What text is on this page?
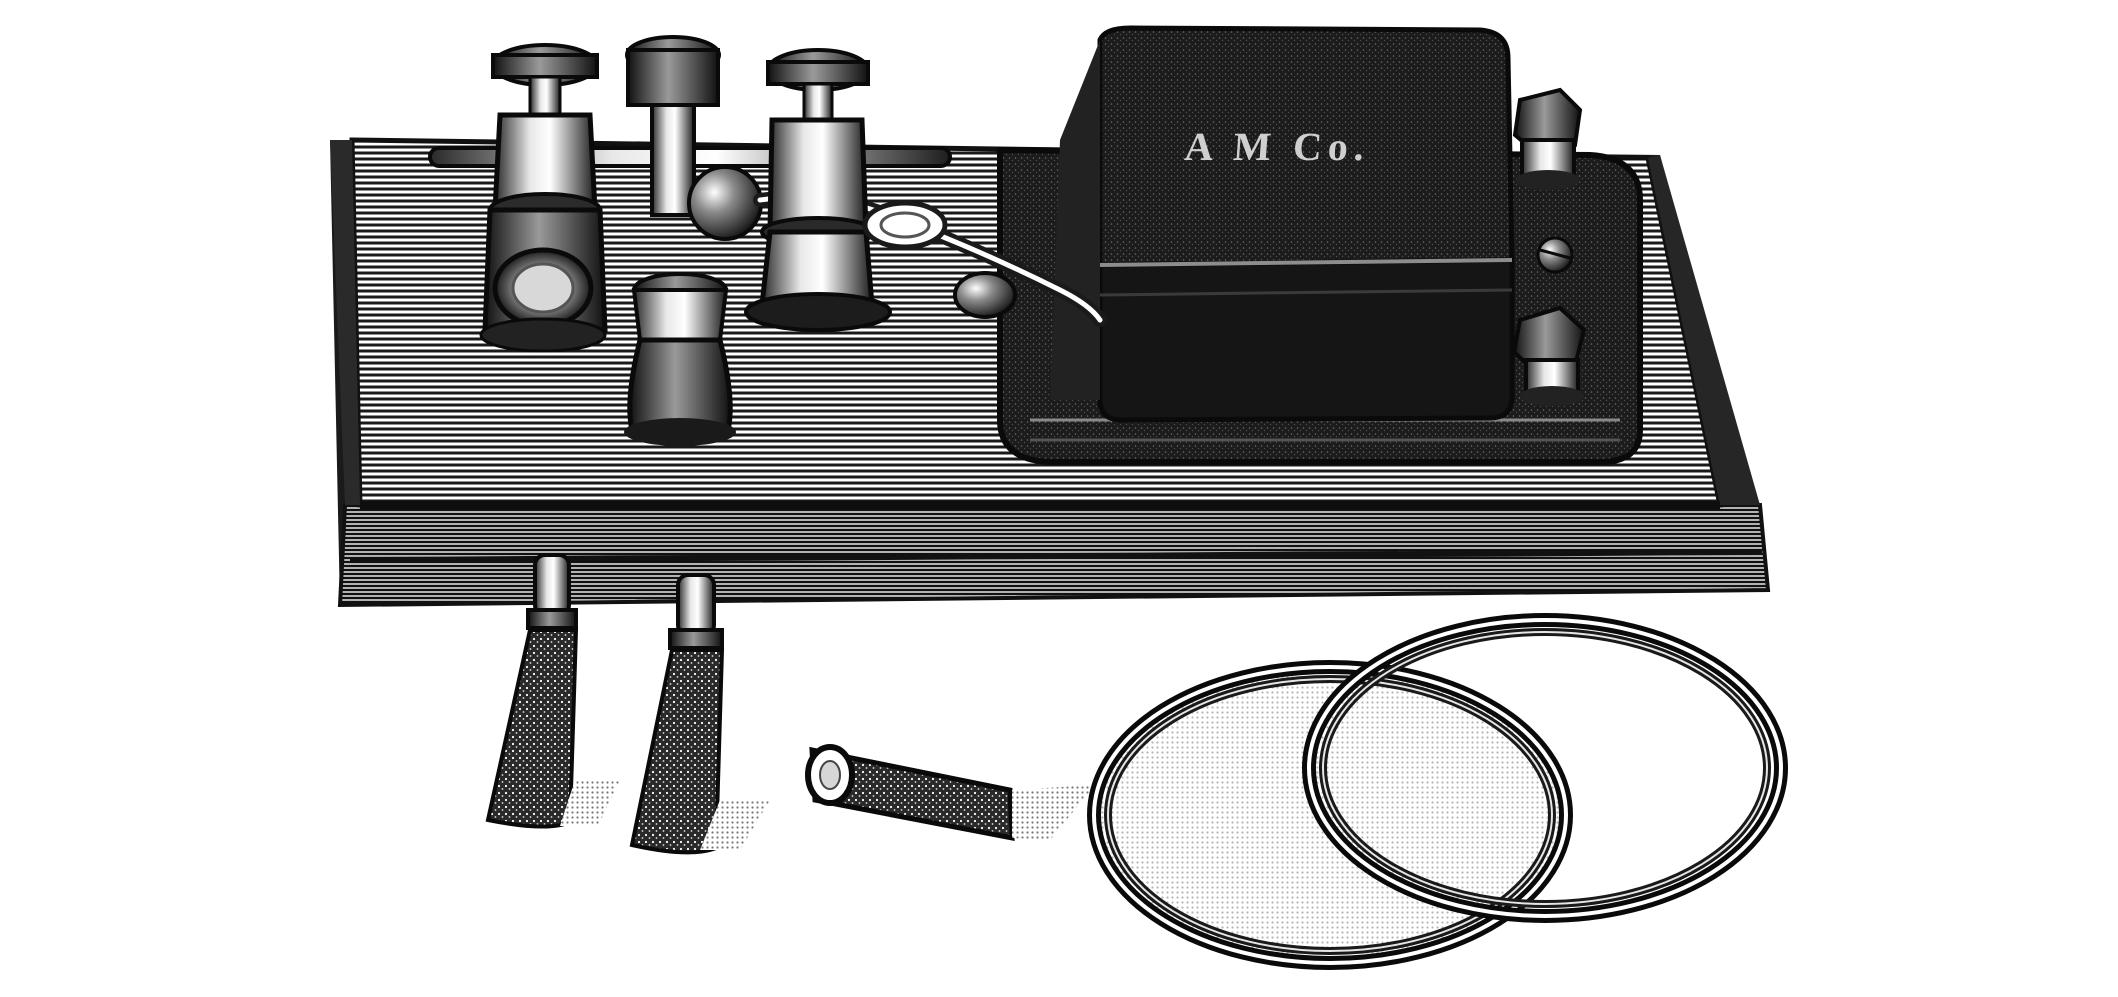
A M Co.
